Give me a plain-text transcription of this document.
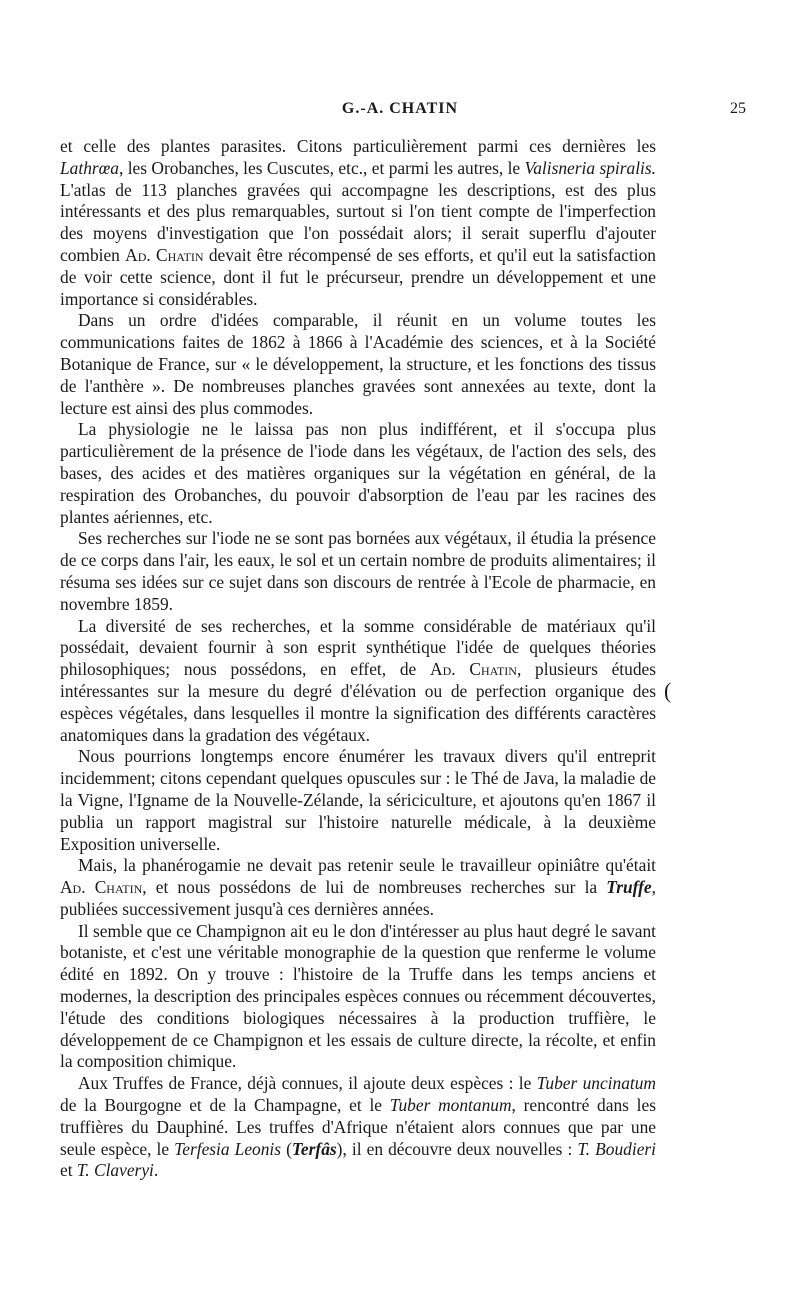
G.-A. CHATIN	25

et celle des plantes parasites. Citons particulièrement parmi ces dernières les Lathrœa, les Orobanches, les Cuscutes, etc., et parmi les autres, le Valisneria spiralis. L'atlas de 113 planches gravées qui accompagne les descriptions, est des plus intéressants et des plus remarquables, surtout si l'on tient compte de l'imperfection des moyens d'investigation que l'on possédait alors; il serait superflu d'ajouter combien Ad. Chatin devait être récompensé de ses efforts, et qu'il eut la satisfaction de voir cette science, dont il fut le précurseur, prendre un développement et une importance si considérables.

Dans un ordre d'idées comparable, il réunit en un volume toutes les communications faites de 1862 à 1866 à l'Académie des sciences, et à la Société Botanique de France, sur « le développement, la structure, et les fonctions des tissus de l'anthère ». De nombreuses planches gravées sont annexées au texte, dont la lecture est ainsi des plus commodes.

La physiologie ne le laissa pas non plus indifférent, et il s'occupa plus particulièrement de la présence de l'iode dans les végétaux, de l'action des sels, des bases, des acides et des matières organiques sur la végétation en général, de la respiration des Orobanches, du pouvoir d'absorption de l'eau par les racines des plantes aériennes, etc.

Ses recherches sur l'iode ne se sont pas bornées aux végétaux, il étudia la présence de ce corps dans l'air, les eaux, le sol et un certain nombre de produits alimentaires; il résuma ses idées sur ce sujet dans son discours de rentrée à l'Ecole de pharmacie, en novembre 1859.

La diversité de ses recherches, et la somme considérable de matériaux qu'il possédait, devaient fournir à son esprit synthétique l'idée de quelques théories philosophiques; nous possédons, en effet, de Ad. Chatin, plusieurs études intéressantes sur la mesure du degré d'élévation ou de perfection organique des espèces végétales, dans lesquelles il montre la signification des différents caractères anatomiques dans la gradation des végétaux.

Nous pourrions longtemps encore énumérer les travaux divers qu'il entreprit incidemment; citons cependant quelques opuscules sur : le Thé de Java, la maladie de la Vigne, l'Igname de la Nouvelle-Zélande, la sériciculture, et ajoutons qu'en 1867 il publia un rapport magistral sur l'histoire naturelle médicale, à la deuxième Exposition universelle.

Mais, la phanérogamie ne devait pas retenir seule le travailleur opiniâtre qu'était Ad. Chatin, et nous possédons de lui de nombreuses recherches sur la Truffe, publiées successivement jusqu'à ces dernières années.

Il semble que ce Champignon ait eu le don d'intéresser au plus haut degré le savant botaniste, et c'est une véritable monographie de la question que renferme le volume édité en 1892. On y trouve : l'histoire de la Truffe dans les temps anciens et modernes, la description des principales espèces connues ou récemment découvertes, l'étude des conditions biologiques nécessaires à la production truffière, le développement de ce Champignon et les essais de culture directe, la récolte, et enfin la composition chimique.

Aux Truffes de France, déjà connues, il ajoute deux espèces : le Tuber uncinatum de la Bourgogne et de la Champagne, et le Tuber montanum, rencontré dans les truffières du Dauphiné. Les truffes d'Afrique n'étaient alors connues que par une seule espèce, le Terfesia Leonis (Terfâs), il en découvre deux nouvelles : T. Boudieri et T. Claveryi.

(
